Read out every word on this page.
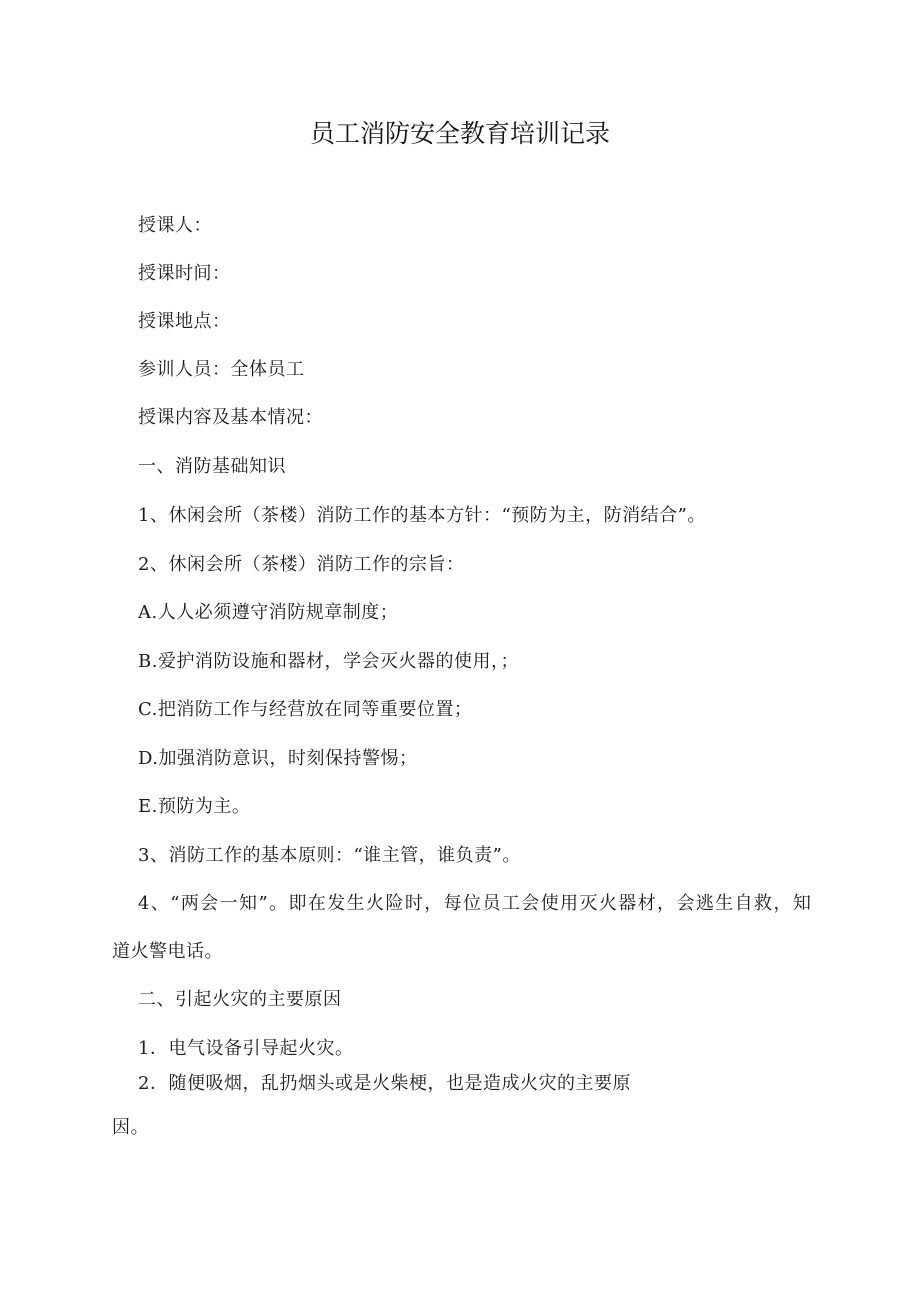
员工消防安全教育培训记录
授课人：
授课时间：
授课地点：
参训人员：全体员工
授课内容及基本情况：
一、消防基础知识
1、休闲会所（茶楼）消防工作的基本方针：“预防为主，防消结合”。
2、休闲会所（茶楼）消防工作的宗旨：
A.人人必须遵守消防规章制度；
B.爱护消防设施和器材，学会灭火器的使用，；
C.把消防工作与经营放在同等重要位置；
D.加强消防意识，时刻保持警惕；
E.预防为主。
3、消防工作的基本原则：“谁主管，谁负责”。
4、“两会一知”。即在发生火险时，每位员工会使用灭火器材，会逃生自救，知
道火警电话。
二、引起火灾的主要原因
1．电气设备引导起火灾。
2．随便吸烟，乱扔烟头或是火柴梗，也是造成火灾的主要原
因。
